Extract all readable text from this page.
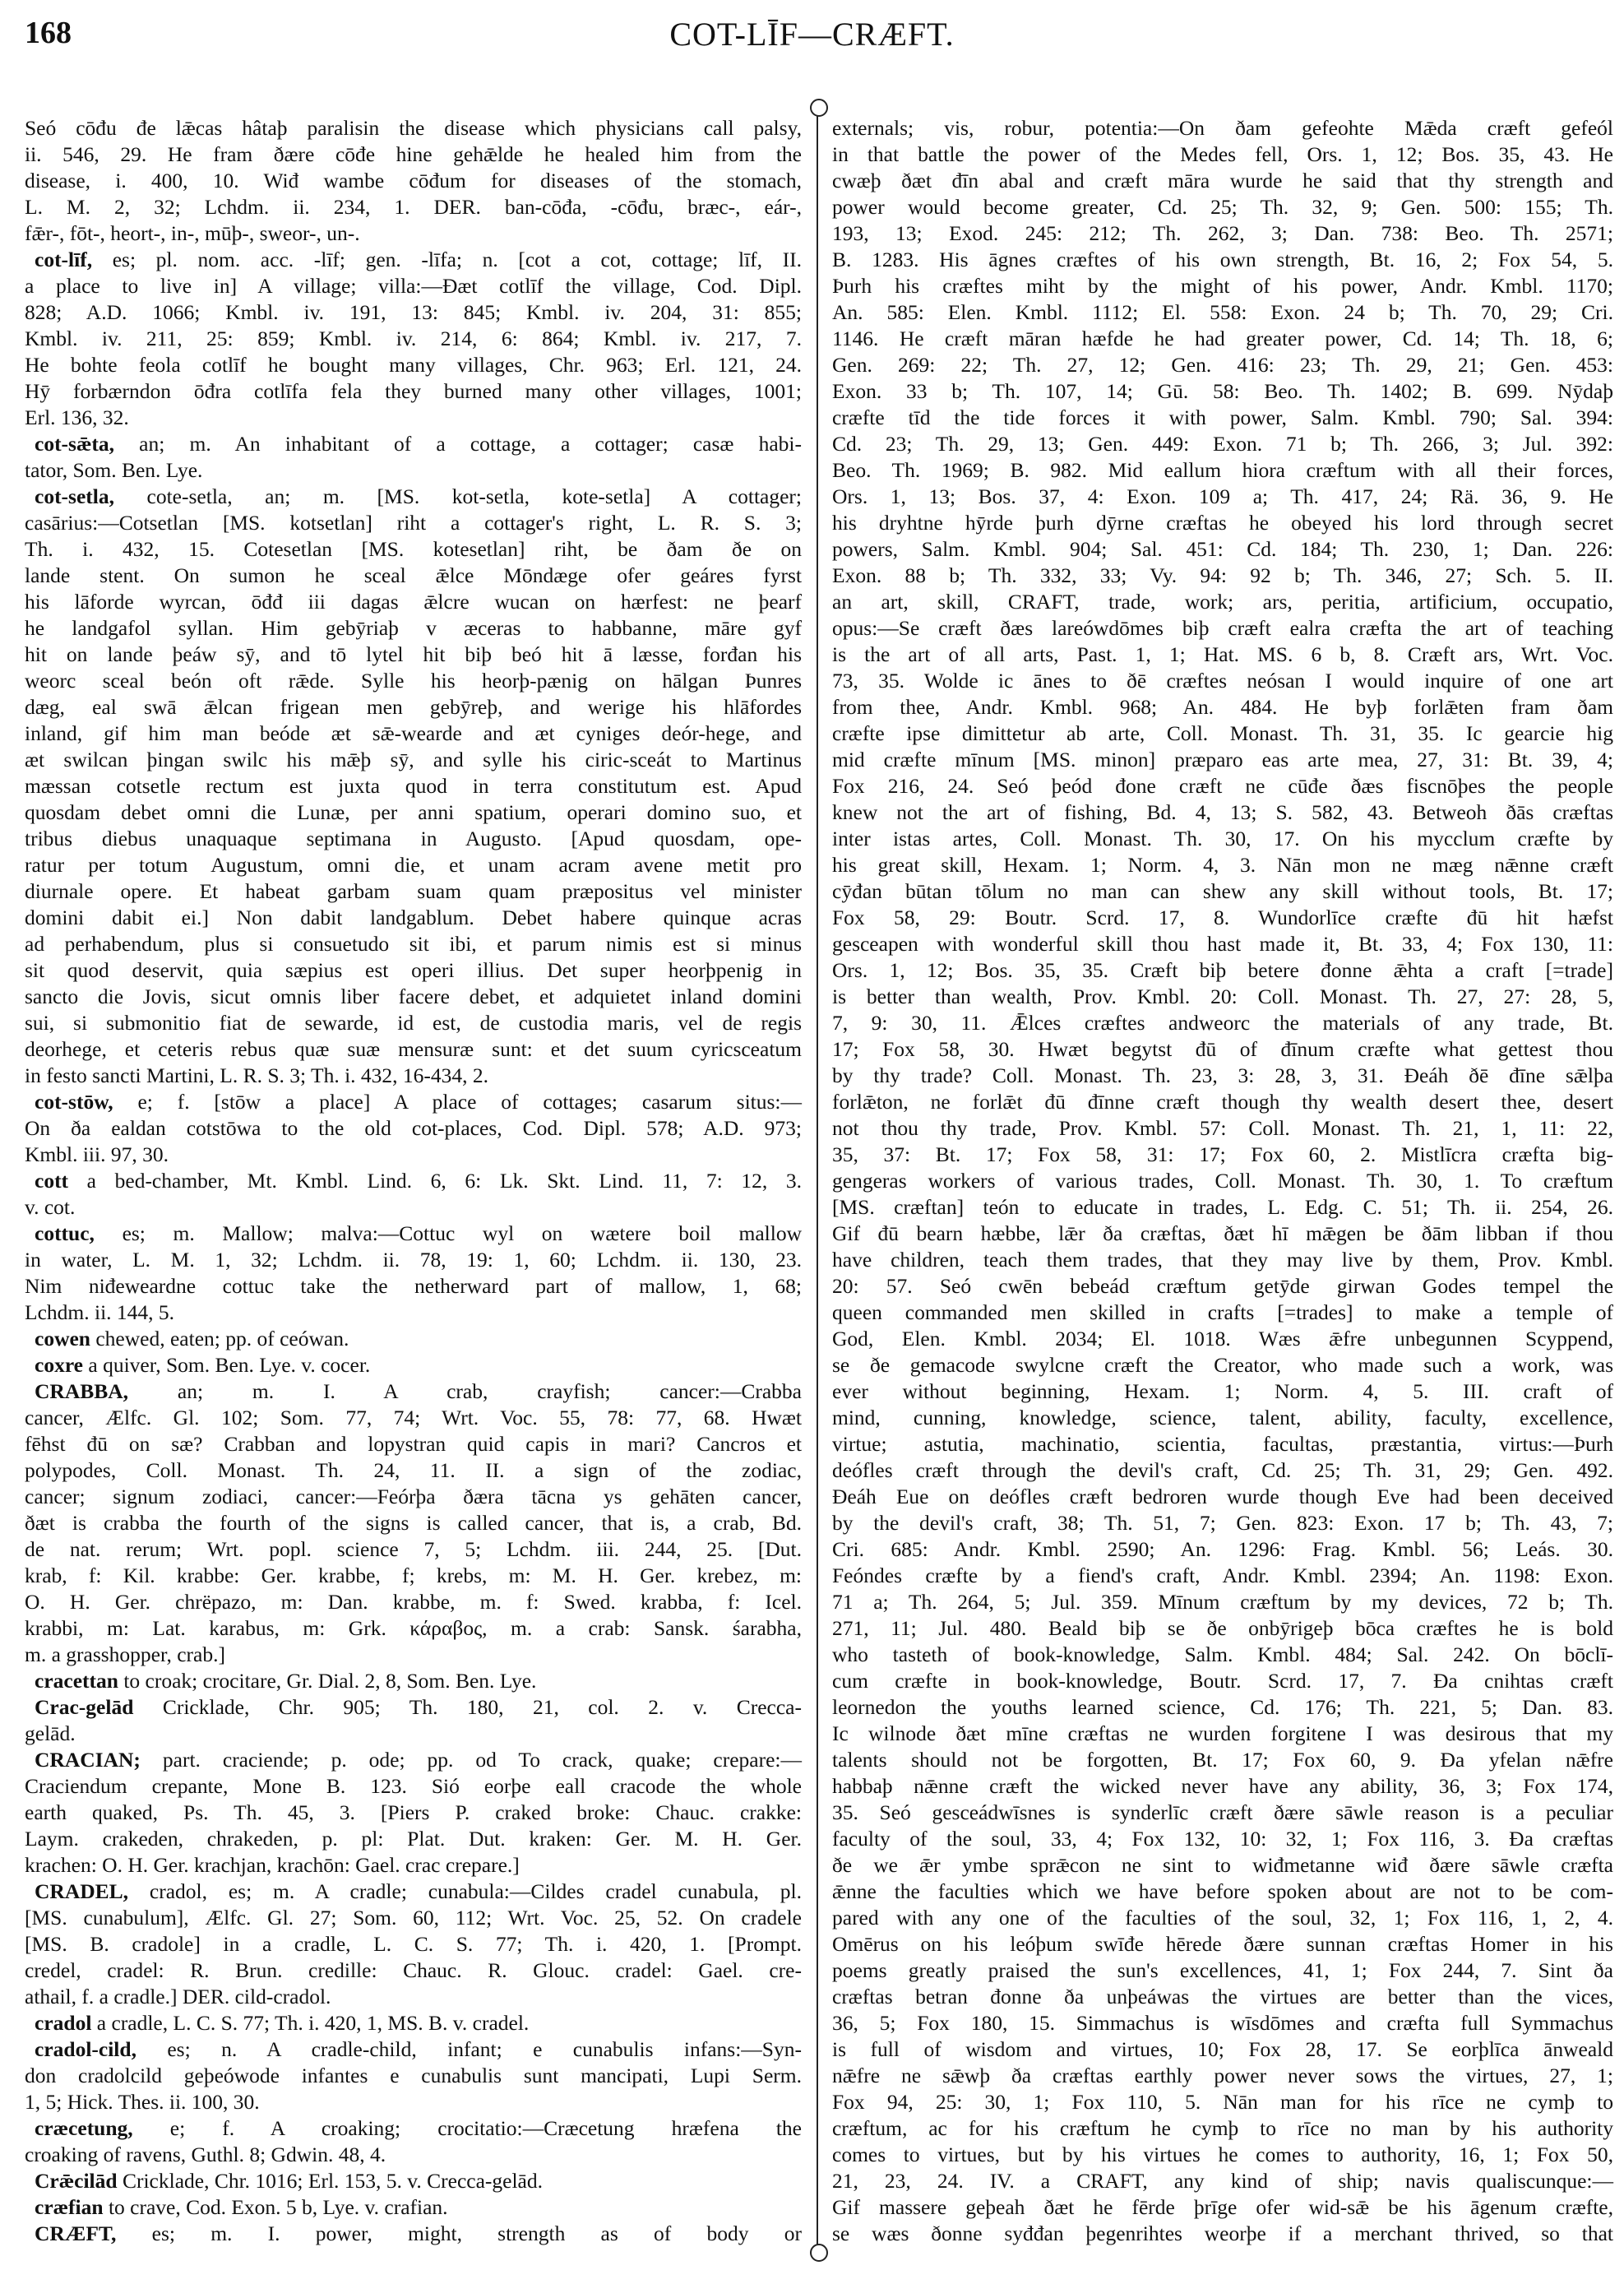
168	COT-LĪF—CRÆFT.
Seó cōđu đe lǣcas hâtaþ paralisin the disease which physicians call palsy,
ii. 546, 29. He fram ðære cōđe hine gehǣlde he healed him from the
disease, i. 400, 10. Wiđ wambe cōđum for diseases of the stomach,
L. M. 2, 32; Lchdm. ii. 234, 1. DER. ban-cōđa, -cōđu, bræc-, eár-,
fǣr-, fōt-, heort-, in-, mūþ-, sweor-, un-.
cot-līf, es; pl. nom. acc. -līf; gen. -līfa; n. [cot a cot, cottage; līf, II.
a place to live in] A village; villa:—Ðæt cotlīf the village, Cod. Dipl.
828; A.D. 1066; Kmbl. iv. 191, 13: 845; Kmbl. iv. 204, 31: 855;
Kmbl. iv. 211, 25: 859; Kmbl. iv. 214, 6: 864; Kmbl. iv. 217, 7.
He bohte feola cotlīf he bought many villages, Chr. 963; Erl. 121, 24.
Hȳ forbærndon ōđra cotlīfa fela they burned many other villages, 1001;
Erl. 136, 32.
cot-sǣta, an; m. An inhabitant of a cottage, a cottager; casæ habi-
tator, Som. Ben. Lye.
cot-setla, cote-setla, an; m. [MS. kot-setla, kote-setla] A cottager;
casārius:—Cotsetlan [MS. kotsetlan] riht a cottager's right, L. R. S. 3;
Th. i. 432, 15. Cotesetlan [MS. kotesetlan] riht, be ðam ðe on
lande stent. On sumon he sceal ǣlce Mōndæge ofer geáres fyrst
his lāforde wyrcan, ōđđ iii dagas ǣlcre wucan on hærfest: ne þearf
he landgafol syllan. Him gebȳriaþ v æceras to habbanne, māre gyf
hit on lande þeáw sȳ, and tō lytel hit biþ beó hit ā læsse, forđan his
weorc sceal beón oft rǣde. Sylle his heorþ-pænig on hālgan Þunres
dæg, eal swā ǣlcan frigean men gebȳreþ, and werige his hlāfordes
inland, gif him man beóde æt sǣ-wearde and æt cyniges deór-hege, and
æt swilcan þingan swilc his mǣþ sȳ, and sylle his ciric-sceát to Martinus
mæssan cotsetle rectum est juxta quod in terra constitutum est. Apud
quosdam debet omni die Lunæ, per anni spatium, operari domino suo, et
tribus diebus unaquaque septimana in Augusto. [Apud quosdam, ope-
ratur per totum Augustum, omni die, et unam acram avene metit pro
diurnale opere. Et habeat garbam suam quam præpositus vel minister
domini dabit ei.] Non dabit landgablum. Debet habere quinque acras
ad perhabendum, plus si consuetudo sit ibi, et parum nimis est si minus
sit quod deservit, quia sæpius est operi illius. Det super heorþpenig in
sancto die Jovis, sicut omnis liber facere debet, et adquietet inland domini
sui, si submonitio fiat de sewarde, id est, de custodia maris, vel de regis
deorhege, et ceteris rebus quæ suæ mensuræ sunt: et det suum cyricsceatum
in festo sancti Martini, L. R. S. 3; Th. i. 432, 16-434, 2.
cot-stōw, e; f. [stōw a place] A place of cottages; casarum situs:—
On ða ealdan cotstōwa to the old cot-places, Cod. Dipl. 578; A.D. 973;
Kmbl. iii. 97, 30.
cott a bed-chamber, Mt. Kmbl. Lind. 6, 6: Lk. Skt. Lind. 11, 7: 12, 3.
v. cot.
cottuc, es; m. Mallow; malva:—Cottuc wyl on wætere boil mallow
in water, L. M. 1, 32; Lchdm. ii. 78, 19: 1, 60; Lchdm. ii. 130, 23.
Nim niđeweardne cottuc take the netherward part of mallow, 1, 68;
Lchdm. ii. 144, 5.
cowen chewed, eaten; pp. of ceówan.
coxre a quiver, Som. Ben. Lye. v. cocer.
CRABBA, an; m. I. A crab, crayfish; cancer:—Crabba
cancer, Ælfc. Gl. 102; Som. 77, 74; Wrt. Voc. 55, 78: 77, 68. Hwæt
fēhst đū on sæ? Crabban and lopystran quid capis in mari? Cancros et
polypodes, Coll. Monast. Th. 24, 11. II. a sign of the zodiac,
cancer; signum zodiaci, cancer:—Feórþa ðæra tācna ys gehāten cancer,
ðæt is crabba the fourth of the signs is called cancer, that is, a crab, Bd.
de nat. rerum; Wrt. popl. science 7, 5; Lchdm. iii. 244, 25. [Dut.
krab, f: Kil. krabbe: Ger. krabbe, f; krebs, m: M. H. Ger. krebez, m:
O. H. Ger. chrëpazo, m: Dan. krabbe, m. f: Swed. krabba, f: Icel.
krabbi, m: Lat. karabus, m: Grk. κάραβος, m. a crab: Sansk. śarabha,
m. a grasshopper, crab.]
cracettan to croak; crocitare, Gr. Dial. 2, 8, Som. Ben. Lye.
Crac-gelād Cricklade, Chr. 905; Th. 180, 21, col. 2. v. Crecca-
gelād.
CRACIAN; part. craciende; p. ode; pp. od To crack, quake; crepare:—
Craciendum crepante, Mone B. 123. Sió eorþe eall cracode the whole
earth quaked, Ps. Th. 45, 3. [Piers P. craked broke: Chauc. crakke:
Laym. crakeden, chrakeden, p. pl: Plat. Dut. kraken: Ger. M. H. Ger.
krachen: O. H. Ger. krachjan, krachōn: Gael. crac crepare.]
CRADEL, cradol, es; m. A cradle; cunabula:—Cildes cradel cunabula, pl.
[MS. cunabulum], Ælfc. Gl. 27; Som. 60, 112; Wrt. Voc. 25, 52. On cradele
[MS. B. cradole] in a cradle, L. C. S. 77; Th. i. 420, 1. [Prompt.
credel, cradel: R. Brun. credille: Chauc. R. Glouc. cradel: Gael. cre-
athail, f. a cradle.] DER. cild-cradol.
cradol a cradle, L. C. S. 77; Th. i. 420, 1, MS. B. v. cradel.
cradol-cild, es; n. A cradle-child, infant; e cunabulis infans:—Syn-
don cradolcild geþeówode infantes e cunabulis sunt mancipati, Lupi Serm.
1, 5; Hick. Thes. ii. 100, 30.
cræcetung, e; f. A croaking; crocitatio:—Cræcetung hræfena the
croaking of ravens, Guthl. 8; Gdwin. 48, 4.
Crǣcilād Cricklade, Chr. 1016; Erl. 153, 5. v. Crecca-gelād.
cræfian to crave, Cod. Exon. 5 b, Lye. v. crafian.
CRÆFT, es; m. I. power, might, strength as of body or
externals; vis, robur, potentia:—On ðam gefeohte Mǣda cræft gefeól
in that battle the power of the Medes fell, Ors. 1, 12; Bos. 35, 43. He
cwæþ ðæt đīn abal and cræft māra wurde he said that thy strength and
power would become greater, Cd. 25; Th. 32, 9; Gen. 500: 155; Th.
193, 13; Exod. 245: 212; Th. 262, 3; Dan. 738: Beo. Th. 2571;
B. 1283. His āgnes cræftes of his own strength, Bt. 16, 2; Fox 54, 5.
Þurh his cræftes miht by the might of his power, Andr. Kmbl. 1170;
An. 585: Elen. Kmbl. 1112; El. 558: Exon. 24 b; Th. 70, 29; Cri.
1146. He cræft māran hæfde he had greater power, Cd. 14; Th. 18, 6;
Gen. 269: 22; Th. 27, 12; Gen. 416: 23; Th. 29, 21; Gen. 453:
Exon. 33 b; Th. 107, 14; Gū. 58: Beo. Th. 1402; B. 699. Nȳdaþ
cræfte tīd the tide forces it with power, Salm. Kmbl. 790; Sal. 394:
Cd. 23; Th. 29, 13; Gen. 449: Exon. 71 b; Th. 266, 3; Jul. 392:
Beo. Th. 1969; B. 982. Mid eallum hiora cræftum with all their forces,
Ors. 1, 13; Bos. 37, 4: Exon. 109 a; Th. 417, 24; Rä. 36, 9. He
his dryhtne hȳrde þurh dȳrne cræftas he obeyed his lord through secret
powers, Salm. Kmbl. 904; Sal. 451: Cd. 184; Th. 230, 1; Dan. 226:
Exon. 88 b; Th. 332, 33; Vy. 94: 92 b; Th. 346, 27; Sch. 5. II.
an art, skill, CRAFT, trade, work; ars, peritia, artificium, occupatio,
opus:—Se cræft ðæs lareówdōmes biþ cræft ealra cræfta the art of teaching
is the art of all arts, Past. 1, 1; Hat. MS. 6 b, 8. Cræft ars, Wrt. Voc.
73, 35. Wolde ic ānes to ðē cræftes neósan I would inquire of one art
from thee, Andr. Kmbl. 968; An. 484. He byþ forlǣten fram ðam
cræfte ipse dimittetur ab arte, Coll. Monast. Th. 31, 35. Ic gearcie hig
mid cræfte mīnum [MS. minon] præparo eas arte mea, 27, 31: Bt. 39, 4;
Fox 216, 24. Seó þeód đone cræft ne cūđe ðæs fiscnōþes the people
knew not the art of fishing, Bd. 4, 13; S. 582, 43. Betweoh ðās cræftas
inter istas artes, Coll. Monast. Th. 30, 17. On his mycclum cræfte by
his great skill, Hexam. 1; Norm. 4, 3. Nān mon ne mæg nǣnne cræft
cȳđan būtan tōlum no man can shew any skill without tools, Bt. 17;
Fox 58, 29: Boutr. Scrd. 17, 8. Wundorlīce cræfte đū hit hæfst
gesceapen with wonderful skill thou hast made it, Bt. 33, 4; Fox 130, 11:
Ors. 1, 12; Bos. 35, 35. Cræft biþ betere đonne ǣhta a craft [=trade]
is better than wealth, Prov. Kmbl. 20: Coll. Monast. Th. 27, 27: 28, 5,
7, 9: 30, 11. Ǣlces cræftes andweorc the materials of any trade, Bt.
17; Fox 58, 30. Hwæt begytst đū of đīnum cræfte what gettest thou
by thy trade? Coll. Monast. Th. 23, 3: 28, 3, 31. Ðeáh ðē đīne sǣlþa
forlǣton, ne forlǣt đū đīnne cræft though thy wealth desert thee, desert
not thou thy trade, Prov. Kmbl. 57: Coll. Monast. Th. 21, 1, 11: 22,
35, 37: Bt. 17; Fox 58, 31: 17; Fox 60, 2. Mistlīcra cræfta big-
gengeras workers of various trades, Coll. Monast. Th. 30, 1. To cræftum
[MS. cræftan] teón to educate in trades, L. Edg. C. 51; Th. ii. 254, 26.
Gif đū bearn hæbbe, lǣr ða cræftas, ðæt hī mǣgen be ðām libban if thou
have children, teach them trades, that they may live by them, Prov. Kmbl.
20: 57. Seó cwēn bebeád cræftum getȳde girwan Godes tempel the
queen commanded men skilled in crafts [=trades] to make a temple of
God, Elen. Kmbl. 2034; El. 1018. Wæs ǣfre unbegunnen Scyppend,
se ðe gemacode swylcne cræft the Creator, who made such a work, was
ever without beginning, Hexam. 1; Norm. 4, 5. III. craft of
mind, cunning, knowledge, science, talent, ability, faculty, excellence,
virtue; astutia, machinatio, scientia, facultas, præstantia, virtus:—Þurh
deófles cræft through the devil's craft, Cd. 25; Th. 31, 29; Gen. 492.
Ðeáh Eue on deófles cræft bedroren wurde though Eve had been deceived
by the devil's craft, 38; Th. 51, 7; Gen. 823: Exon. 17 b; Th. 43, 7;
Cri. 685: Andr. Kmbl. 2590; An. 1296: Frag. Kmbl. 56; Leás. 30.
Feóndes cræfte by a fiend's craft, Andr. Kmbl. 2394; An. 1198: Exon.
71 a; Th. 264, 5; Jul. 359. Mīnum cræftum by my devices, 72 b; Th.
271, 11; Jul. 480. Beald biþ se ðe onbȳrigeþ bōca cræftes he is bold
who tasteth of book-knowledge, Salm. Kmbl. 484; Sal. 242. On bōclī-
cum cræfte in book-knowledge, Boutr. Scrd. 17, 7. Ða cnihtas cræft
leornedon the youths learned science, Cd. 176; Th. 221, 5; Dan. 83.
Ic wilnode ðæt mīne cræftas ne wurden forgitene I was desirous that my
talents should not be forgotten, Bt. 17; Fox 60, 9. Ða yfelan nǣfre
habbaþ nǣnne cræft the wicked never have any ability, 36, 3; Fox 174,
35. Seó gesceádwīsnes is synderlīc cræft ðære sāwle reason is a peculiar
faculty of the soul, 33, 4; Fox 132, 10: 32, 1; Fox 116, 3. Ða cræftas
ðe we ǣr ymbe sprǣcon ne sint to wiđmetanne wiđ ðære sāwle cræfta
ǣnne the faculties which we have before spoken about are not to be com-
pared with any one of the faculties of the soul, 32, 1; Fox 116, 1, 2, 4.
Omērus on his leóþum swīđe hērede ðære sunnan cræftas Homer in his
poems greatly praised the sun's excellences, 41, 1; Fox 244, 7. Sint ða
cræftas betran đonne ða unþeáwas the virtues are better than the vices,
36, 5; Fox 180, 15. Simmachus is wīsdōmes and cræfta full Symmachus
is full of wisdom and virtues, 10; Fox 28, 17. Se eorþlīca ānweald
nǣfre ne sǣwþ ða cræftas earthly power never sows the virtues, 27, 1;
Fox 94, 25: 30, 1; Fox 110, 5. Nān man for his rīce ne cymþ to
cræftum, ac for his cræftum he cymþ to rīce no man by his authority
comes to virtues, but by his virtues he comes to authority, 16, 1; Fox 50,
21, 23, 24. IV. a CRAFT, any kind of ship; navis qualiscunque:—
Gif massere geþeah ðæt he fērde þrīge ofer wid-sǣ be his āgenum cræfte,
se wæs ðonne syđđan þegenrihtes weorþe if a merchant thrived, so that
